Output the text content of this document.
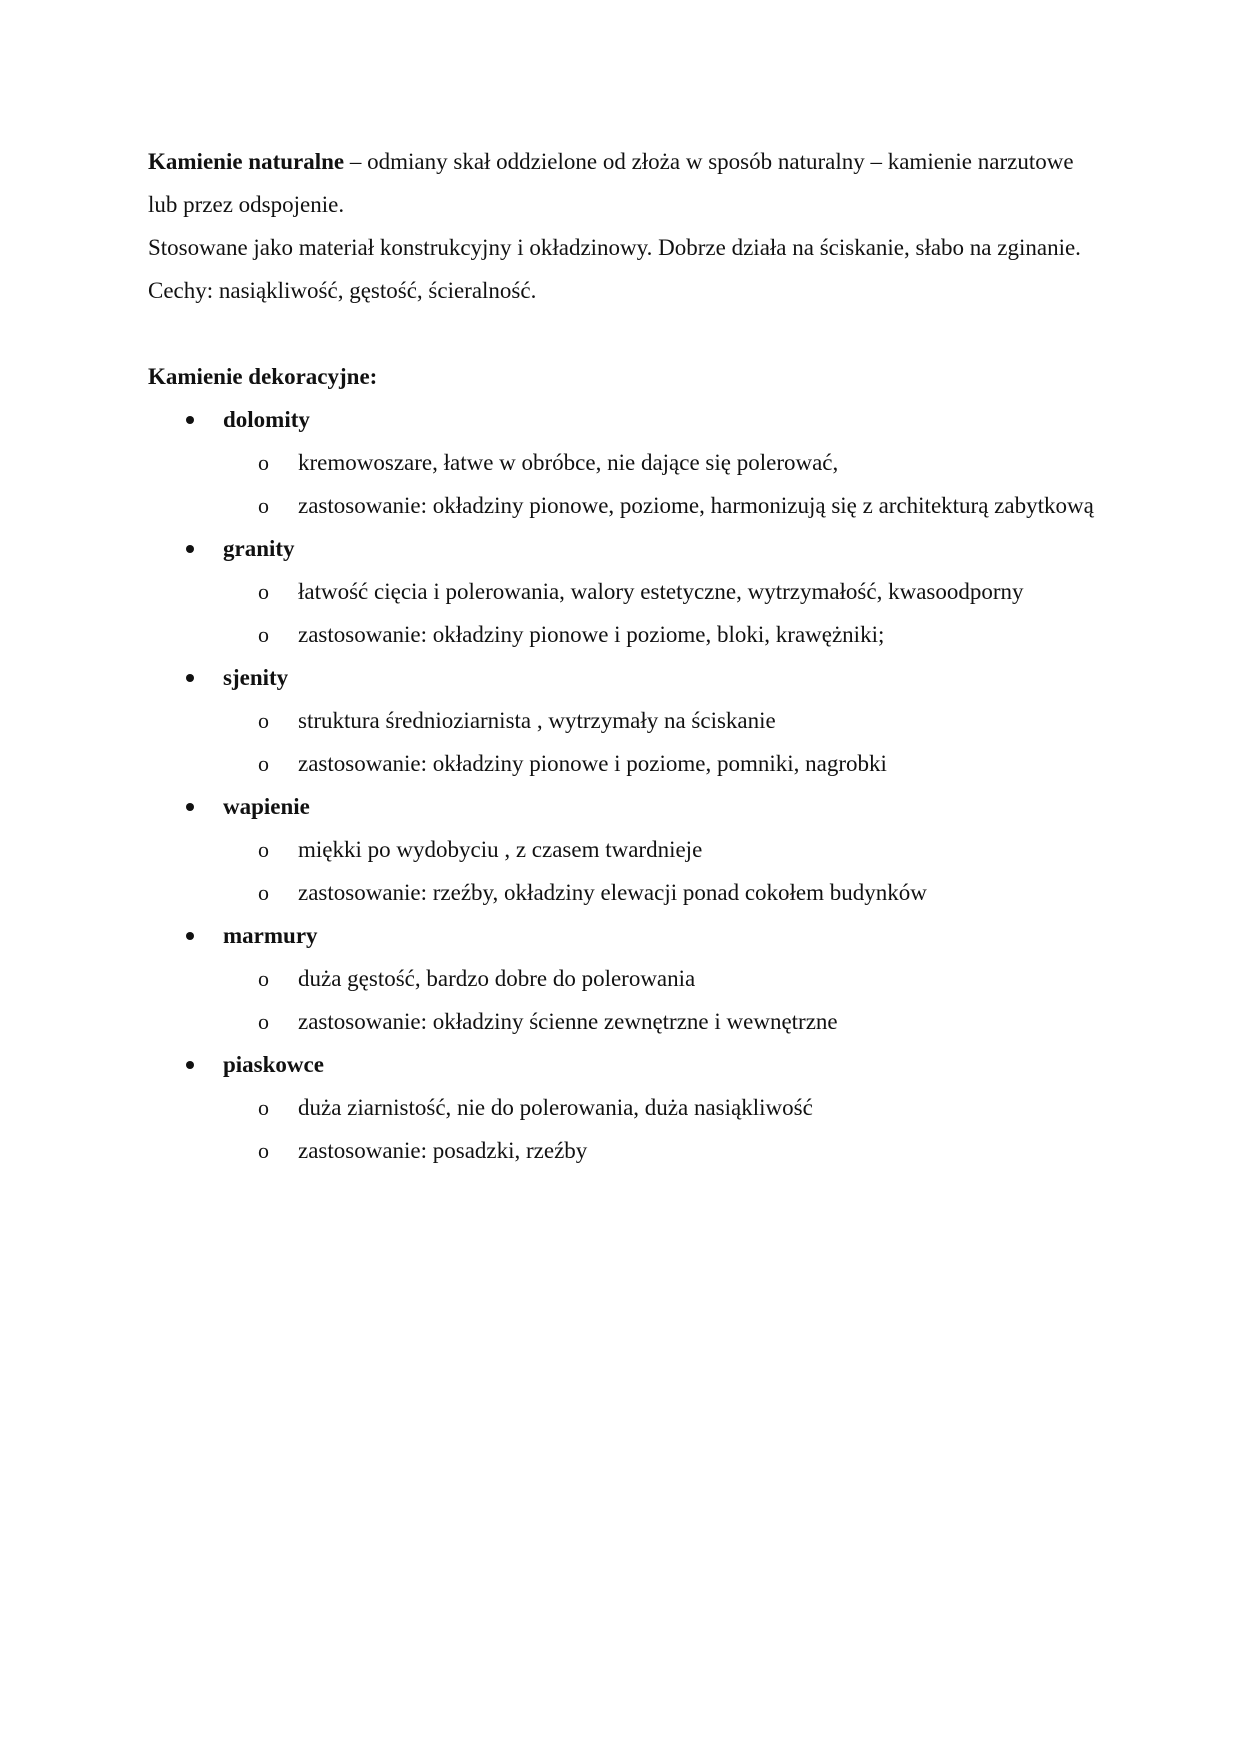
Kamienie naturalne – odmiany skał oddzielone od złoża w sposób naturalny – kamienie narzutowe lub przez odspojenie.

Stosowane jako materiał konstrukcyjny i okładzinowy. Dobrze działa na ściskanie, słabo na zginanie. Cechy: nasiąkliwość, gęstość, ścieralność.

Kamienie dekoracyjne:

dolomity
o	kremowoszare, łatwe w obróbce, nie dające się polerować,
o	zastosowanie: okładziny pionowe, poziome, harmonizują się z architekturą zabytkową
granity
o	łatwość cięcia i polerowania, walory estetyczne, wytrzymałość, kwasoodporny
o	zastosowanie: okładziny pionowe i poziome, bloki, krawężniki;
sjenity
o	struktura średnioziarnista , wytrzymały na ściskanie
o	zastosowanie: okładziny pionowe i poziome, pomniki, nagrobki
wapienie
o	miękki po wydobyciu , z czasem twardnieje
o	zastosowanie: rzeźby, okładziny elewacji ponad cokołem budynków
marmury
o	duża gęstość, bardzo dobre do polerowania
o	zastosowanie: okładziny ścienne zewnętrzne i wewnętrzne
piaskowce
o	duża ziarnistość, nie do polerowania, duża nasiąkliwość
o	zastosowanie: posadzki, rzeźby
